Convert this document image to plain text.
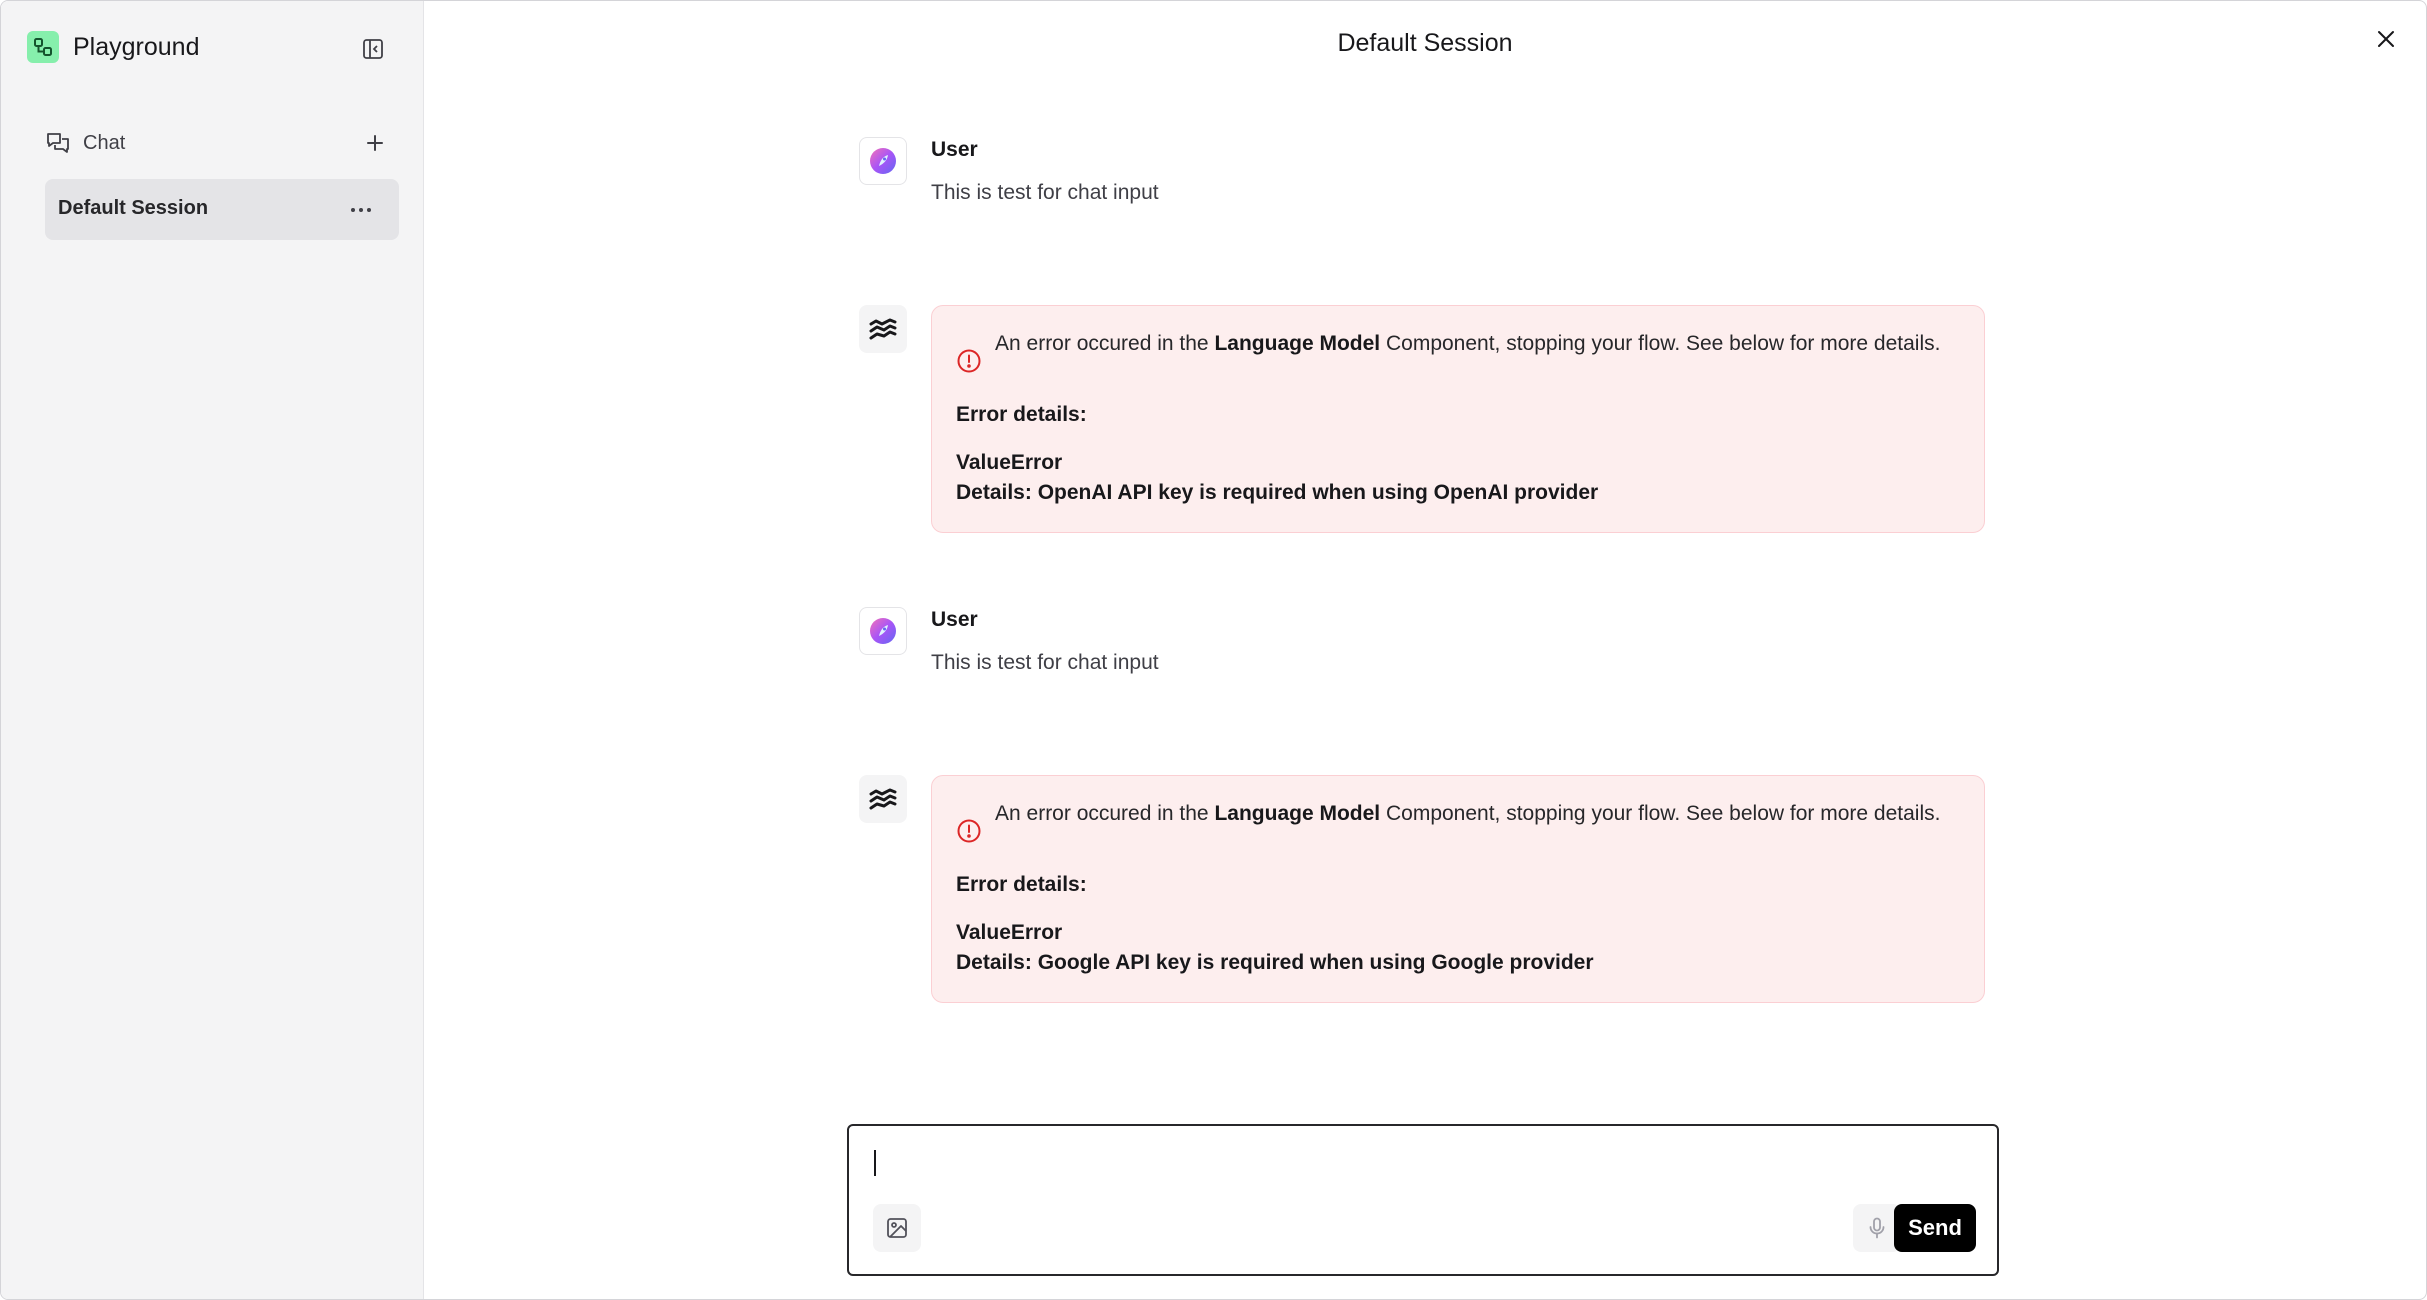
Playground
Chat
Default Session
Default Session
User
This is test for chat input
An error occured in the Language Model Component, stopping your flow. See below for more details.
Error details:
ValueError
Details: OpenAI API key is required when using OpenAI provider
User
This is test for chat input
An error occured in the Language Model Component, stopping your flow. See below for more details.
Error details:
ValueError
Details: Google API key is required when using Google provider
Send
